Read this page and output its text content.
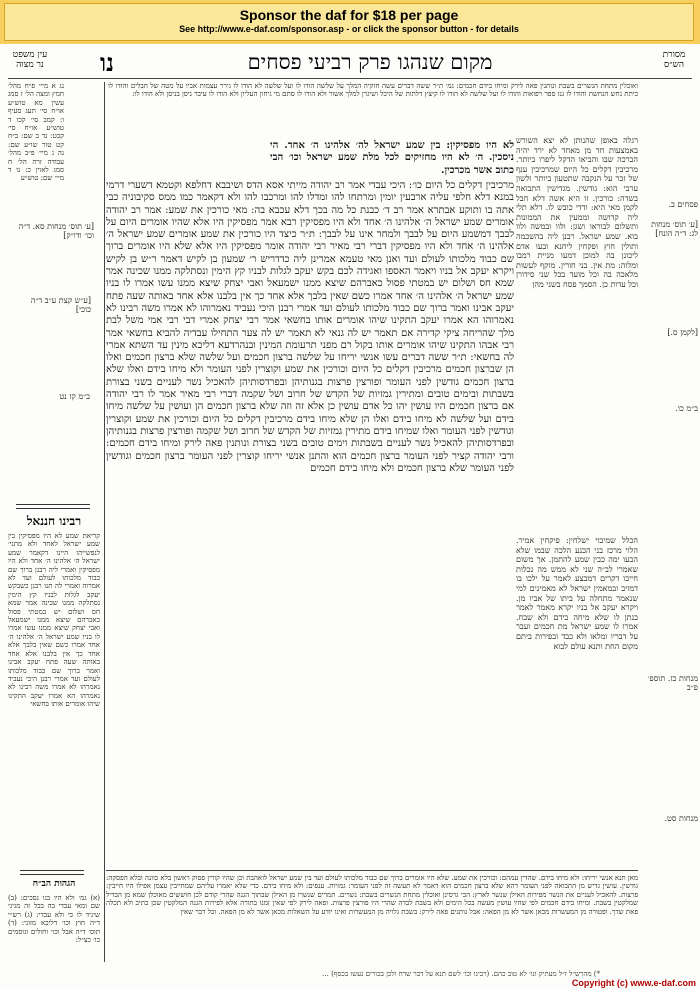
Sponsor the daf for $18 per page
See http://www.e-daf.com/sponsor.asp - or click the sponsor button - for details
מסורת הש״ס
עין משפט נר מצוה	מקום שנהגו פרק רביעי פסחים
נו
נג א מיי׳ פ״ח מהל׳ חמץ ומצה הל׳ ז סמג עשין מא טוש״ע או״ח סי׳ תעג סעיף ו: קמב סי׳ קכו ד טוש״ע או״ח סי׳ קכט: נד ב שם: ב״ח קט טור שו״ע שם: נה ג מיי׳ פ״ב מהל׳ עבודה זרה הל׳ ח סמג לאוין כ: נו ד מיי׳ שם: טוש״ע
[ע׳ תוס׳ מנחות סא. ד״ה וכו׳ ודו״ק]
[ע״ש קצת ע״ב ד״ה כוכי]
ב״מ קז נט
רבינו חננאל
קריאת שמע לא היו מפסיקין בין שמע ישראל לאחד ולא מתני׳ לנפשייהו היינו דקאמר שמע ישראל ה׳ אלהינו ה׳ אחד ולא היו מפסיקין ואמרי ליה רבנן ברוך שם כבוד מלכותו לעולם ועד לא אמרוה ואמרי לה תנו רבנן כשבקש יעקב לגלות לבניו קץ הימין נסתלקה ממנו שכינה אמר שמא חס ושלום יש במטתי פסול כאברהם שיצא ממנו ישמעאל ואבי יצחק שיצא ממנו עשו אמרו לו בניו שמע ישראל ה׳ אלהינו ה׳ אחד אמרו כשם שאין בלבך אלא אחד כך אין בלבנו אלא אחד באותה שעה פתח יעקב אבינו ואמר ברוך שם כבוד מלכותו לעולם ועד אמרי רבנן היכי נעביד נאמרהו לא אמרו משה רבינו לא נאמרהו הא אמרו יעקב התקינו שיהו אומרים אותו בחשאי
הגהות הב״ח
(א) גמ׳ ולא היו בגו נסכים: (ב) שם ומאי עבדי בה בכל זה מגיני שיגיד לו כי ולא עבדי: (ג) רש״י ד״ה חוץ וכו׳ דליכא מזוני: (ד) תוס׳ ד״ה אבל וכו׳ וחולים וגוסמים כו׳ כצ״ל:
פסחים ב.
[ע׳ תוס׳ מנחות לג: ד״ה הונח]
[לקמן ס.]
ב״מ כו.
מנחות כז. תוספ׳ פ״ב
מנחות סט.
רגלה באופן שהנותן לא יצא השורש באמצעות חד מן מאחד לא ירד יהיה הברכה שבו והביאו הדקל ליפרו ביותר. מרכיבין דקלים כל היום שמרכיבין ענף של זכר על הנקבה שתטעון ביותר ולשון ערבי הוא: גודשין. מגדישין התבואה בשדה: כורכין. זו היא אשה דלא חבל לקמן מאי היא: ודדי כובש לו. דלא תלי ליה קדושה וממעין את הממונות ותשלום לבוראו ושגן: ולוו ובמשה ולוו בוא. שמע ישראל. רבנן ליה בהשכמה ותולין חוץ ופקחין ליחנא ובעו אדם ליכונן בה למוכן דמעו מניית רמבו ומלוה: מת אין. בני חורין. מוקף לעשות מלאכה בה וכל מועד בכל שני סידורן וכל עדות כן. הסמך פסח בשני מהן
הכלל שמיבוי ישלחין: פיקחין אמיר. הלוי מרכז בני הכנע הלכה שבמו שלא הבעו ימה כבין שמע להתמן. אך משום שאמרי לב״ה שני לא ממש מה נכלות חייבו דקרים דמבצע לאמר על ילכו בו דמזיב ובמאמין ישראל לא מאמינים למי שנאמר מתחלה על ביתו של אביו מן. ויקרא יעקב אל בניו יקרא מאמר לאמר בנתן לו שלא מיחה בידם ולא שבח. אמרו לו שמע ישראל מת חכמים ועבר על דבריו ומלאו ולא כבד ובפירות ביתם מקום החת ותנא עולם לבוא
ואוכלין מתחת הנשרים בשבת ונותנין פאה לירק ומיחו בידם חכמים: גמ׳ ת״ר ששה דברים עשה חזקיה המלך על שלשה הודו לו ועל שלשה לא הודו לו גירר עצמות אביו על מטה של חבלים והודו לו כיתת נחש הנחשת והודו לו גנז ספר רפואות והודו לו ועל שלשה לא הודו לו קיצץ דלתות של היכל ושיגרן למלך אשור ולא הודו לו סתם מי גיחון העליון ולא הודו לו עיבר ניסן בניסן ולא הודו לו:
לא היו מפסיקין: בין שמע ישראל לה׳ אלהינו ה׳ אחד. הי ניסכין. ה׳ לא היו מחזיקים לכל מלת שמע ישראל וכו׳ הבי כתוב אשר מכרכין.
מרכיבין דקלים כל היום כו׳: היכי עבדי אמר רב יהודה מייתי אסא הדס ושיבבא דחלפא וקטמא דשערי דרמי במנא דלא חלפי עליה ארבעין יומין ומרתחו להו ומדלו להו ומרכבו להו ולא דקאמר כמו ממס סקיבוניה כבי אתה בו ותוקע אבתרא אמר רב ד׳ כבנת כל מה בכך דלא עכבא בה: מאי כורכין את שמע: אמר רב יהודה אומרים שמע ישראל ה׳ אלהינו ה׳ אחד ולא היו מפסיקין רבא אמר מפסיקין היו אלא שהיו אומרים היום על לבבך דמשמע היום על לבבך ולמחר אינו על לבבך: ת״ר כיצד היו כורכין את שמע אומרים שמע ישראל ה׳ אלהינו ה׳ אחד ולא היו מפסיקין דברי רבי מאיר רבי יהודה אומר מפסיקין היו אלא שלא היו אומרים ברוך שם כבוד מלכותו לעולם ועד ואנן מאי טעמא אמרינן ליה כדדריש ר׳ שמעון בן לקיש דאמר ר״ש בן לקיש ויקרא יעקב אל בניו ויאמר האספו ואגידה לכם בקש יעקב לגלות לבניו קץ הימין ונסתלקה ממנו שכינה אמר שמא חס ושלום יש במטתי פסול כאברהם שיצא ממנו ישמעאל ואבי יצחק שיצא ממנו עשו אמרו לו בניו שמע ישראל ה׳ אלהינו ה׳ אחד אמרו כשם שאין בלבך אלא אחד כך אין בלבנו אלא אחד באותה שעה פתח יעקב אבינו ואמר ברוך שם כבוד מלכותו לעולם ועד אמרי רבנן היכי נעביד נאמרוהו לא אמרו משה רבינו לא נאמרוהו הא אמרו יעקב התקינו שיהו אומרים אותו בחשאי אמר רבי יצחק אמרי דבי רבי אמי משל לבת מלך שהריחה ציקי קדירה אם תאמר יש לה גנאי לא תאמר יש לה צער התחילו עבדיה להביא בחשאי אמר רבי אבהו התקינו שיהו אומרים אותו בקול רם מפני תרעומת המינין ובנהרדעא דליכא מינין עד השתא אמרי לה בחשאי: ת״ר ששה דברים עשו אנשי יריחו על שלשה ברצון חכמים ועל שלשה שלא ברצון חכמים ואלו הן שברצון חכמים מרכיבין דקלים כל היום וכורכין את שמע וקוצרין לפני העומר ולא מיחו בידם ואלו שלא ברצון חכמים גודשין לפני העומר ופורצין פרצות בגנותיהן ובפרדסותיהן להאכיל נשר לעניים בשני בצורת בשבתות ובימים טובים ומתירין גמזיות של הקדש של חרוב ושל שקמה דברי רבי מאיר אמר לו רבי יהודה אם ברצון חכמים היו עושין יהו כל אדם עושין כן אלא זה וזה שלא ברצון חכמים הן ועושין על שלשה מיחו בידם ועל שלשה לא מיחו בידם ואלו הן שלא מיחו בידם מרכיבין דקלים כל היום וכורכין את שמע וקוצרין וגודשין לפני העומר ואלו שמיחו בידם מתירין גמזיות של הקדש של חרוב ושל שקמה ופורצין פרצות בגנותיהן ובפרדסותיהן להאכיל נשר לעניים בשבתות וימים טובים בשני בצורת ונותנין פאה לירק ומיחו בידם חכמים: ורבי יהודה קציר לפני העומר ברצון חכמים הוא והתנן אנשי יריחו קוצרין לפני העומר ברצון חכמים וגודשין לפני העומר שלא ברצון חכמים ולא מיחו בידם חכמים
מאן תנא אנשי יריחו: ולא מיחו בידם. שהדין עמהם: וכורכין את שמע. שלא היו אומרים ברוך שם כבוד מלכותו לעולם ועד בין שמע ישראל לואהבת וכן שהיו קורין פסוק ראשון בלא כוונה ובלא הפסקה: גודשין. עושין גדיש מן התבואה לפני העומר דהא שלא ברצון חכמים הוא דאמר לא תעשה זה לפני העומר: גמזיות. ענפים: ולא מיחו בידם. כדי שלא יאמרו עליהם שמחייבין עצמן אפילו היו חייבין: פרצות. להאכיל לעניים את הנשר מפירות האילן שנשר לארץ: הכי גרסינן ואוכלין מתחת הנשרים בשבת: נשרים. תמרים שנשרו מן האילן שבתוך הגנה שהרי קודם לכן חוששים מאוכלן שמא מן הבדיל שמלקטין בשבת. ומיחו בידם חכמים לפי שהיו עושין מעשה בכל הימים ולא בשבת לבדה שהרי היו פורצין פרצות. ופאה לירק לפי שאין זמנו בתורה אלא לפירות הגנה המלקטין שכן כתיב ולא תכלה פאת שדך. ופטורה מן המעשרות מכאן אשר לא מן הפאה: אבל נותנים פאה לירק: בשבת גלויה מן המעשרות ואינו יודע על השאלות מכאן אשר לא מן הפאה. וכל דבר שאין
*) מהרש״ל ז״ל מעתיק ונו׳ לא טוב כהם. (רבינו וכו׳ לשם תנא על דבר שדח ולכן בכורים נעשו בכסף) ...
Copyright (c) www.e-daf.com
